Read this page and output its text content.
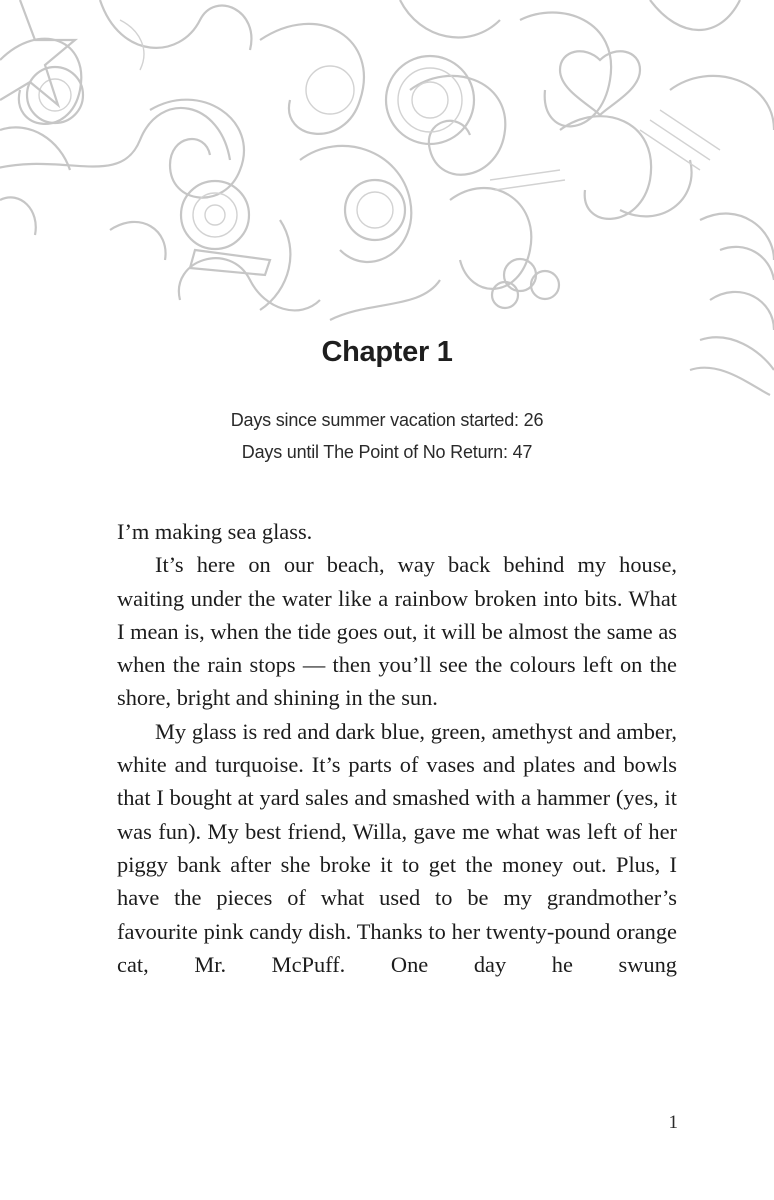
Chapter 1
Days since summer vacation started: 26
Days until The Point of No Return: 47

I’m making sea glass.

It’s here on our beach, way back behind my house, waiting under the water like a rainbow broken into bits. What I mean is, when the tide goes out, it will be almost the same as when the rain stops — then you’ll see the colours left on the shore, bright and shining in the sun.

My glass is red and dark blue, green, amethyst and amber, white and turquoise. It’s parts of vases and plates and bowls that I bought at yard sales and smashed with a hammer (yes, it was fun). My best friend, Willa, gave me what was left of her piggy bank after she broke it to get the money out. Plus, I have the pieces of what used to be my grandmother’s favourite pink candy dish. Thanks to her twenty-pound orange cat, Mr. McPuff. One day he swung

1
